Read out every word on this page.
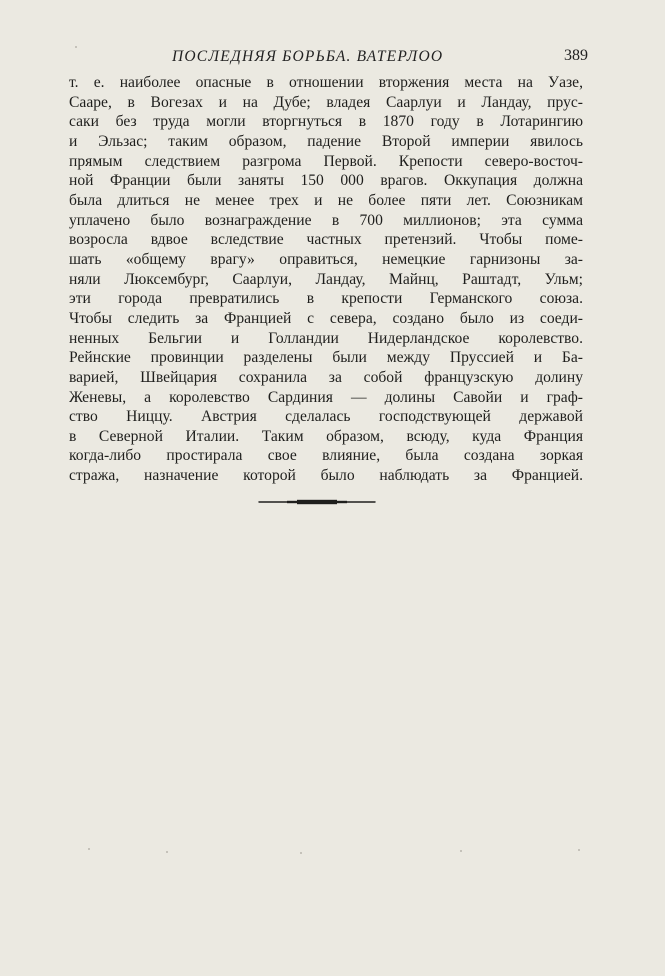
ПОСЛЕДНЯЯ БОРЬБА. ВАТЕРЛОО	389
т. е. наиболее опасные в отношении вторжения места на Уазе,
Сааре, в Вогезах и на Дубе; владея Саарлуи и Ландау, прус-
саки без труда могли вторгнуться в 1870 году в Лотарингию
и Эльзас; таким образом, падение Второй империи явилось
прямым следствием разгрома Первой. Крепости северо-восточ-
ной Франции были заняты 150 000 врагов. Оккупация должна
была длиться не менее трех и не более пяти лет. Союзникам
уплачено было вознаграждение в 700 миллионов; эта сумма
возросла вдвое вследствие частных претензий. Чтобы поме-
шать «общему врагу» оправиться, немецкие гарнизоны за-
няли Люксембург, Саарлуи, Ландау, Майнц, Раштадт, Ульм;
эти города превратились в крепости Германского союза.
Чтобы следить за Францией с севера, создано было из соеди-
ненных Бельгии и Голландии Нидерландское королевство.
Рейнские провинции разделены были между Пруссией и Ба-
варией, Швейцария сохранила за собой французскую долину
Женевы, а королевство Сардиния — долины Савойи и граф-
ство Ниццу. Австрия сделалась господствующей державой
в Северной Италии. Таким образом, всюду, куда Франция
когда-либо простирала свое влияние, была создана зоркая
стража, назначение которой было наблюдать за Францией.
